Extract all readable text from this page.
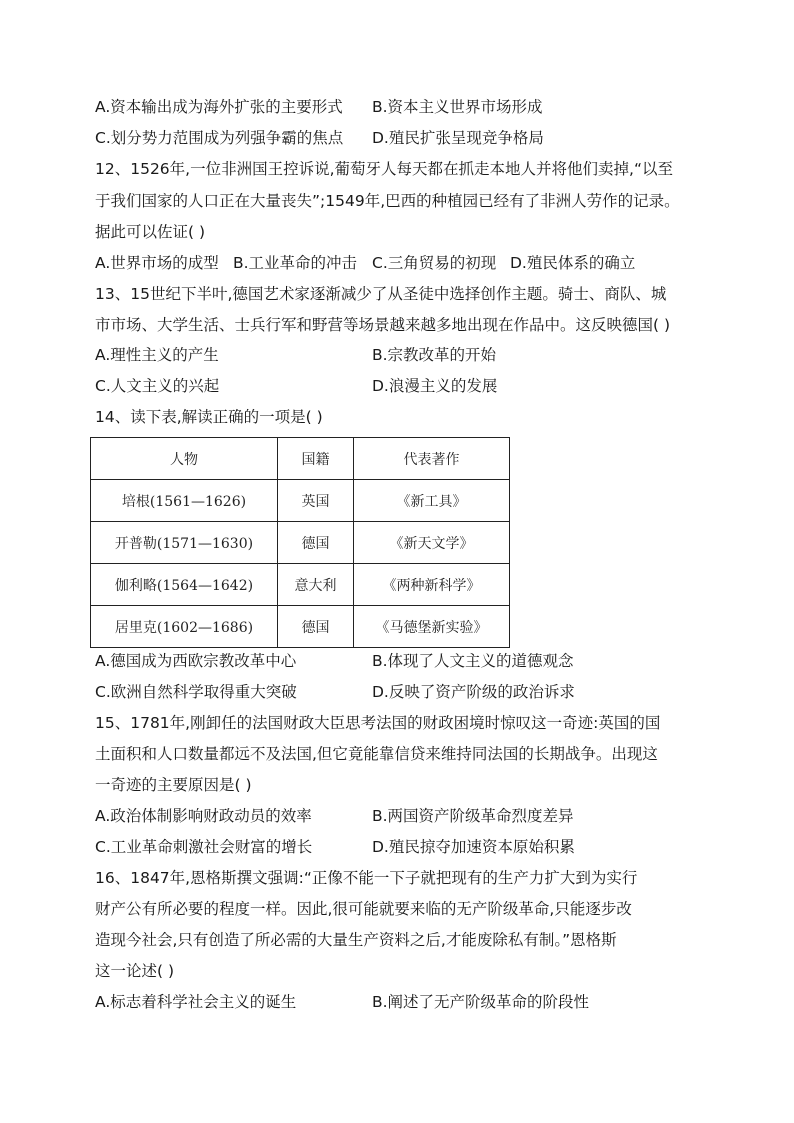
A.资本输出成为海外扩张的主要形式 B.资本主义世界市场形成
C.划分势力范围成为列强争霸的焦点 D.殖民扩张呈现竞争格局
12、1526年,一位非洲国王控诉说,葡萄牙人每天都在抓走本地人并将他们卖掉,“以至
于我们国家的人口正在大量丧失”;1549年,巴西的种植园已经有了非洲人劳作的记录。
据此可以佐证( )
A.世界市场的成型 B.工业革命的冲击 C.三角贸易的初现 D.殖民体系的确立
13、15世纪下半叶,德国艺术家逐渐减少了从圣徒中选择创作主题。骑士、商队、城
市市场、大学生活、士兵行军和野营等场景越来越多地出现在作品中。这反映德国( )
A.理性主义的产生	B.宗教改革的开始
C.人文主义的兴起	D.浪漫主义的发展
14、读下表,解读正确的一项是( )
人物	国籍	代表著作
培根(1561—1626)	英国	《新工具》
开普勒(1571—1630)	德国	《新天文学》
伽利略(1564—1642)	意大利	《两种新科学》
居里克(1602—1686)	德国	《马德堡新实验》
A.德国成为西欧宗教改革中心	B.体现了人文主义的道德观念
C.欧洲自然科学取得重大突破	D.反映了资产阶级的政治诉求
15、1781年,刚卸任的法国财政大臣思考法国的财政困境时惊叹这一奇迹:英国的国
土面积和人口数量都远不及法国,但它竟能靠信贷来维持同法国的长期战争。出现这
一奇迹的主要原因是( )
A.政治体制影响财政动员的效率	B.两国资产阶级革命烈度差异
C.工业革命刺激社会财富的增长	D.殖民掠夺加速资本原始积累
16、1847年,恩格斯撰文强调:“正像不能一下子就把现有的生产力扩大到为实行
财产公有所必要的程度一样。因此,很可能就要来临的无产阶级革命,只能逐步改
造现今社会,只有创造了所必需的大量生产资料之后,才能废除私有制。”恩格斯
这一论述( )
A.标志着科学社会主义的诞生	B.阐述了无产阶级革命的阶段性
